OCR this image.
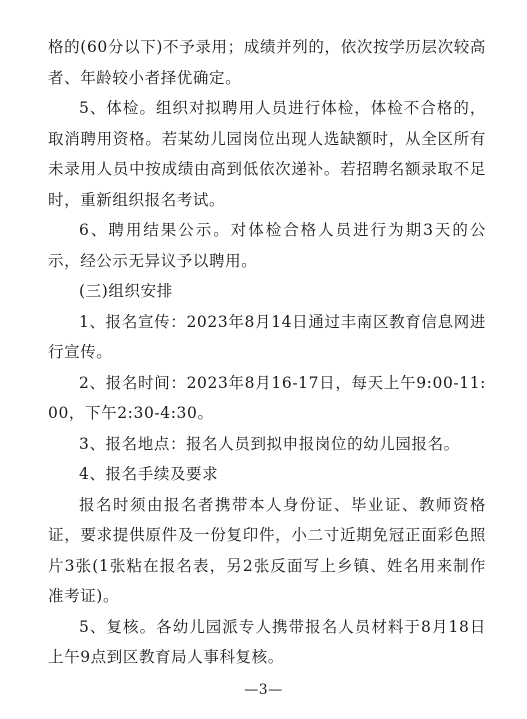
格的(60分以下)不予录用；成绩并列的，依次按学历层次较高者、年龄较小者择优确定。

5、体检。组织对拟聘用人员进行体检，体检不合格的，取消聘用资格。若某幼儿园岗位出现人选缺额时，从全区所有未录用人员中按成绩由高到低依次递补。若招聘名额录取不足时，重新组织报名考试。

6、聘用结果公示。对体检合格人员进行为期3天的公示，经公示无异议予以聘用。

(三)组织安排

1、报名宣传：2023年8月14日通过丰南区教育信息网进行宣传。

2、报名时间：2023年8月16-17日，每天上午9:00-11:00，下午2:30-4:30。

3、报名地点：报名人员到拟申报岗位的幼儿园报名。

4、报名手续及要求

报名时须由报名者携带本人身份证、毕业证、教师资格证，要求提供原件及一份复印件，小二寸近期免冠正面彩色照片3张(1张粘在报名表，另2张反面写上乡镇、姓名用来制作准考证)。

5、复核。各幼儿园派专人携带报名人员材料于8月18日上午9点到区教育局人事科复核。

—3—
